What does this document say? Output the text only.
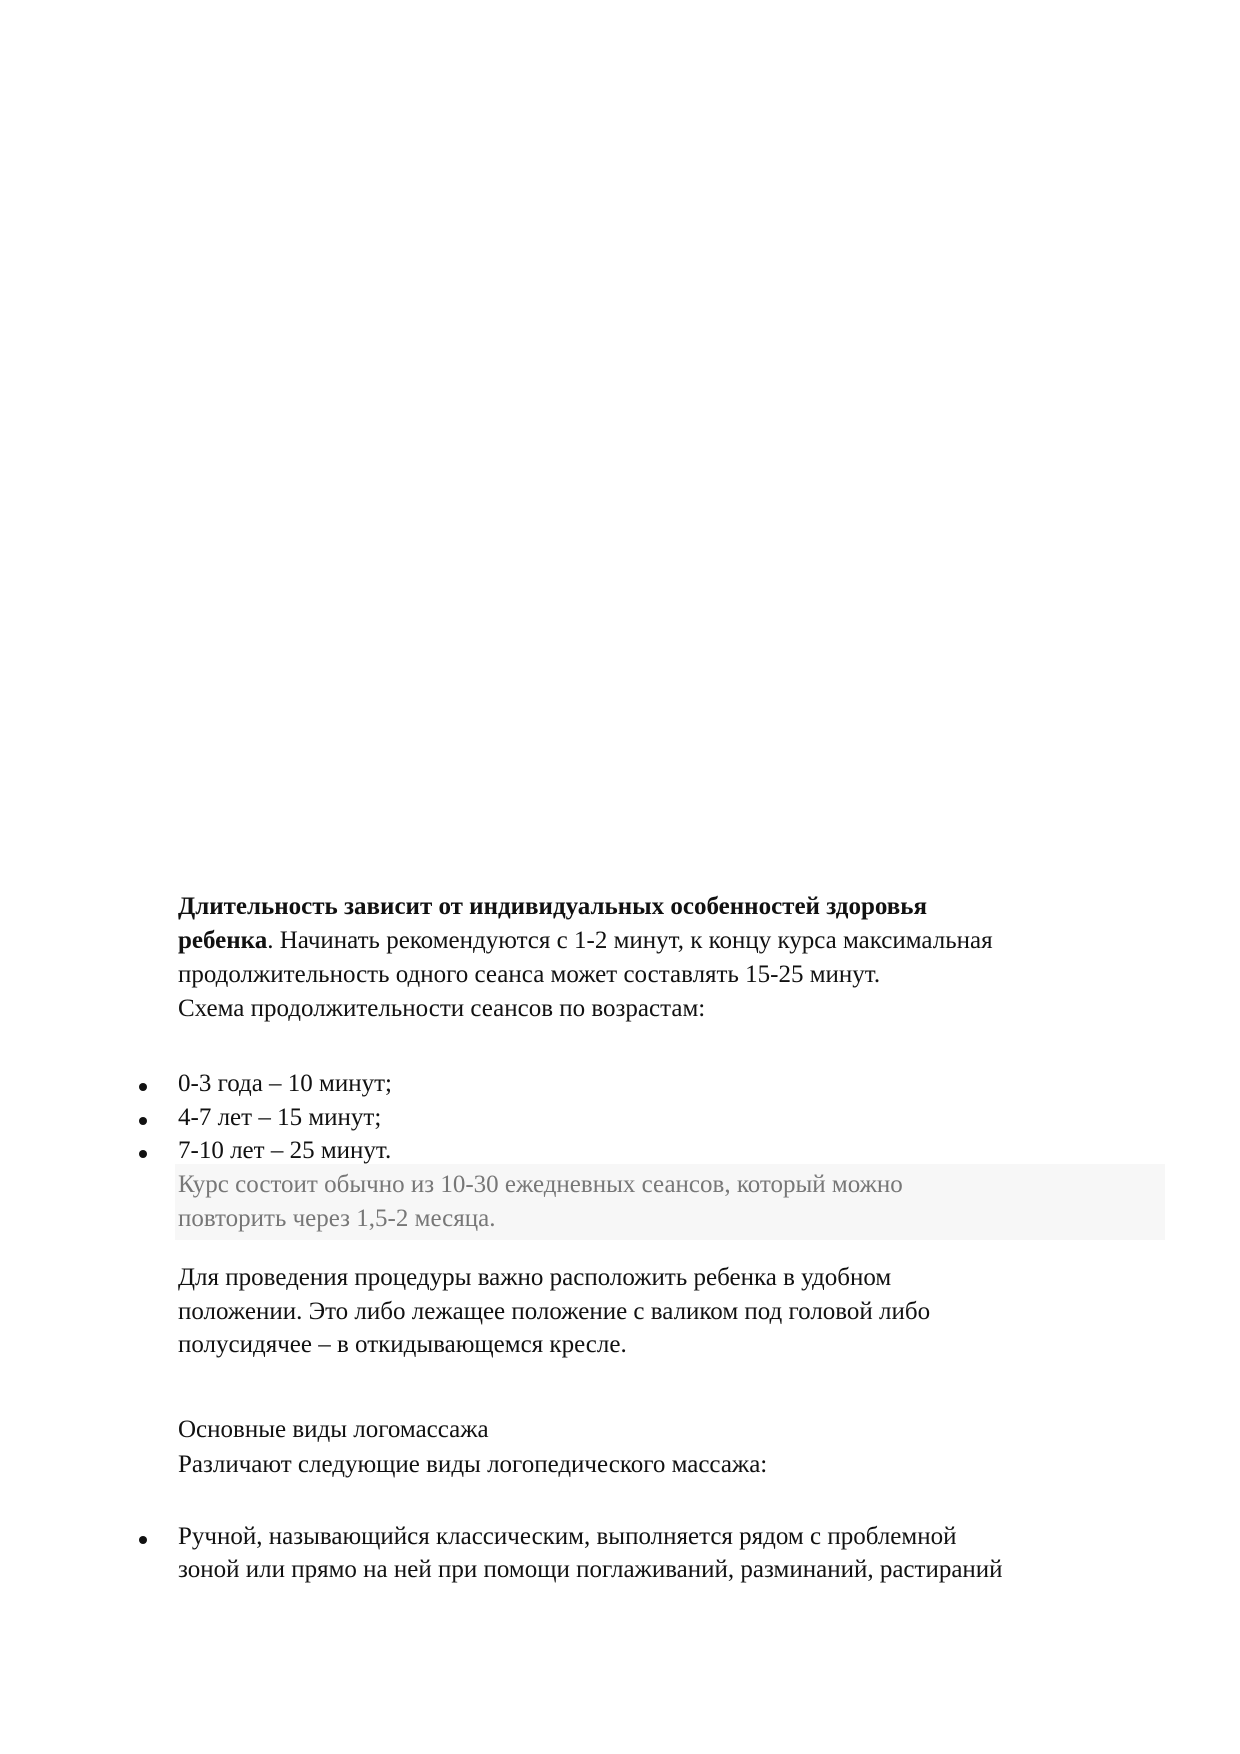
Длительность зависит от индивидуальных особенностей здоровья
ребенка. Начинать рекомендуются с 1-2 минут, к концу курса максимальная
продолжительность одного сеанса может составлять 15-25 минут.
Схема продолжительности сеансов по возрастам:
0-3 года – 10 минут;
4-7 лет – 15 минут;
7-10 лет – 25 минут.
Курс состоит обычно из 10-30 ежедневных сеансов, который можно
повторить через 1,5-2 месяца.
Для проведения процедуры важно расположить ребенка в удобном
положении. Это либо лежащее положение с валиком под головой либо
полусидячее – в откидывающемся кресле.
Основные виды логомассажа
Различают следующие виды логопедического массажа:
Ручной, называющийся классическим, выполняется рядом с проблемной
зоной или прямо на ней при помощи поглаживаний, разминаний, растираний
